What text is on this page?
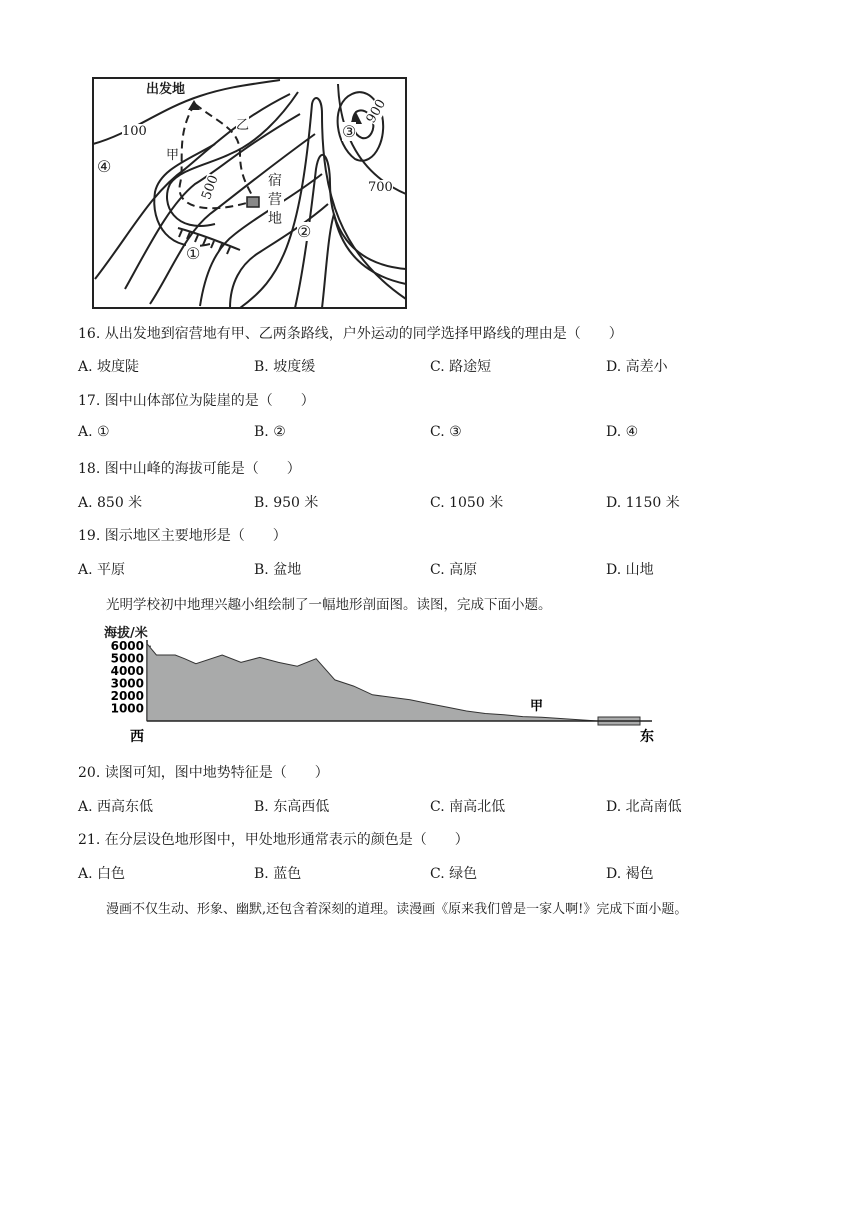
出发地
100
甲
乙
500	宿营地
700
900
①
②
③
④
16. 从出发地到宿营地有甲、乙两条路线，户外运动的同学选择甲路线的理由是（　　）
A. 坡度陡	B. 坡度缓	C. 路途短	D. 高差小
17. 图中山体部位为陡崖的是（　　）
A. ①	B. ②	C. ③	D. ④
18. 图中山峰的海拔可能是（　　）
A. 850 米	B. 950 米	C. 1050 米	D. 1150 米
19. 图示地区主要地形是（　　）
A. 平原	B. 盆地	C. 高原	D. 山地
光明学校初中地理兴趣小组绘制了一幅地形剖面图。读图，完成下面小题。
海拔/米
6000
5000
4000
3000
2000
1000	甲
西	东
20. 读图可知，图中地势特征是（　　）
A. 西高东低	B. 东高西低	C. 南高北低	D. 北高南低
21. 在分层设色地形图中，甲处地形通常表示的颜色是（　　）
A. 白色	B. 蓝色	C. 绿色	D. 褐色
漫画不仅生动、形象、幽默,还包含着深刻的道理。读漫画《原来我们曾是一家人啊!》完成下面小题。
